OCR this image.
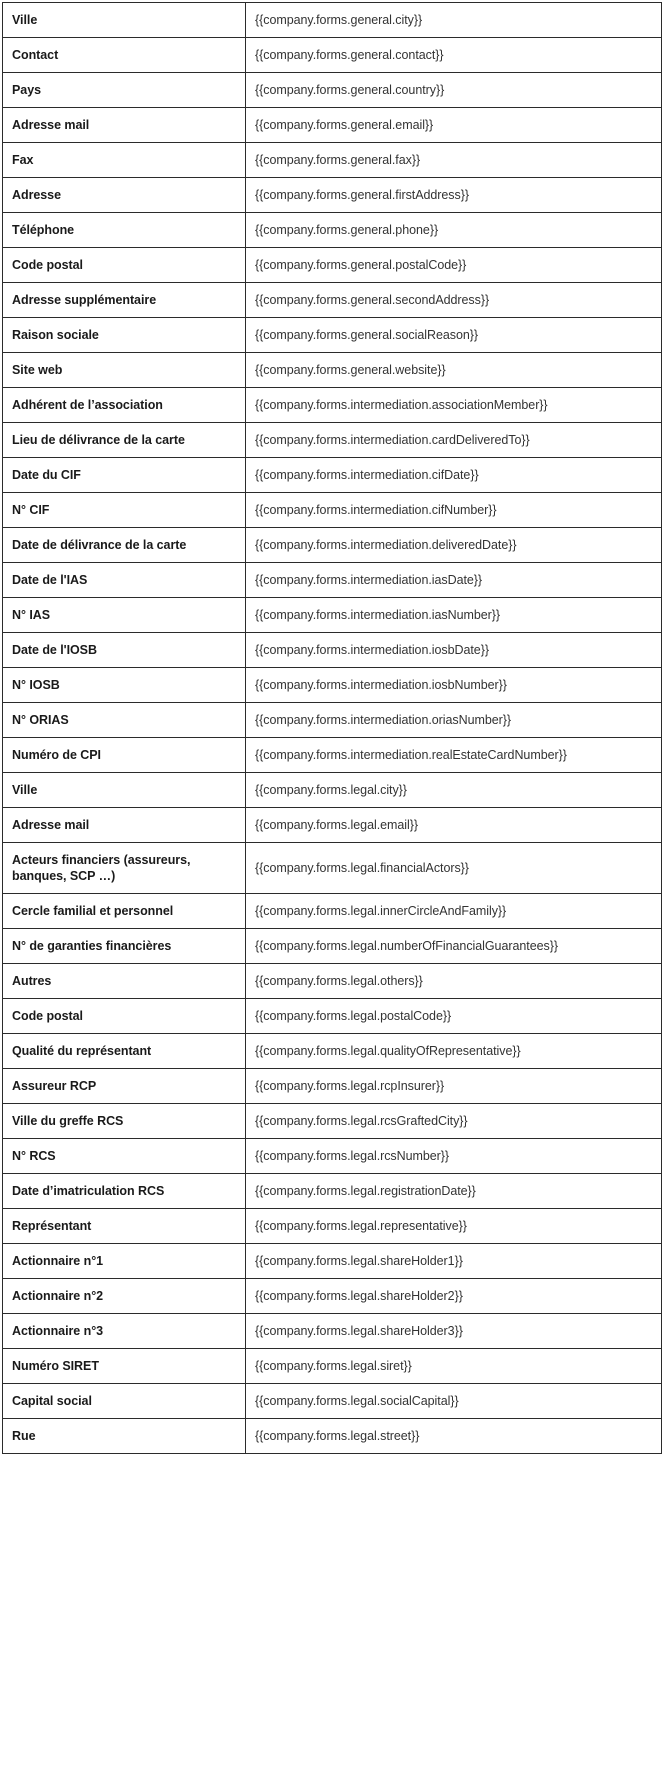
Ville	{{company.forms.general.city}}
Contact	{{company.forms.general.contact}}
Pays	{{company.forms.general.country}}
Adresse mail	{{company.forms.general.email}}
Fax	{{company.forms.general.fax}}
Adresse	{{company.forms.general.firstAddress}}
Téléphone	{{company.forms.general.phone}}
Code postal	{{company.forms.general.postalCode}}
Adresse supplémentaire	{{company.forms.general.secondAddress}}
Raison sociale	{{company.forms.general.socialReason}}
Site web	{{company.forms.general.website}}
Adhérent de l’association	{{company.forms.intermediation.associationMember}}
Lieu de délivrance de la carte	{{company.forms.intermediation.cardDeliveredTo}}
Date du CIF	{{company.forms.intermediation.cifDate}}
N° CIF	{{company.forms.intermediation.cifNumber}}
Date de délivrance de la carte	{{company.forms.intermediation.deliveredDate}}
Date de l'IAS	{{company.forms.intermediation.iasDate}}
N° IAS	{{company.forms.intermediation.iasNumber}}
Date de l'IOSB	{{company.forms.intermediation.iosbDate}}
N° IOSB	{{company.forms.intermediation.iosbNumber}}
N° ORIAS	{{company.forms.intermediation.oriasNumber}}
Numéro de CPI	{{company.forms.intermediation.realEstateCardNumber}}
Ville	{{company.forms.legal.city}}
Adresse mail	{{company.forms.legal.email}}
Acteurs financiers (assureurs, banques, SCP …)	{{company.forms.legal.financialActors}}
Cercle familial et personnel	{{company.forms.legal.innerCircleAndFamily}}
N° de garanties financières	{{company.forms.legal.numberOfFinancialGuarantees}}
Autres	{{company.forms.legal.others}}
Code postal	{{company.forms.legal.postalCode}}
Qualité du représentant	{{company.forms.legal.qualityOfRepresentative}}
Assureur RCP	{{company.forms.legal.rcpInsurer}}
Ville du greffe RCS	{{company.forms.legal.rcsGraftedCity}}
N° RCS	{{company.forms.legal.rcsNumber}}
Date d’imatriculation RCS	{{company.forms.legal.registrationDate}}
Représentant	{{company.forms.legal.representative}}
Actionnaire n°1	{{company.forms.legal.shareHolder1}}
Actionnaire n°2	{{company.forms.legal.shareHolder2}}
Actionnaire n°3	{{company.forms.legal.shareHolder3}}
Numéro SIRET	{{company.forms.legal.siret}}
Capital social	{{company.forms.legal.socialCapital}}
Rue	{{company.forms.legal.street}}
